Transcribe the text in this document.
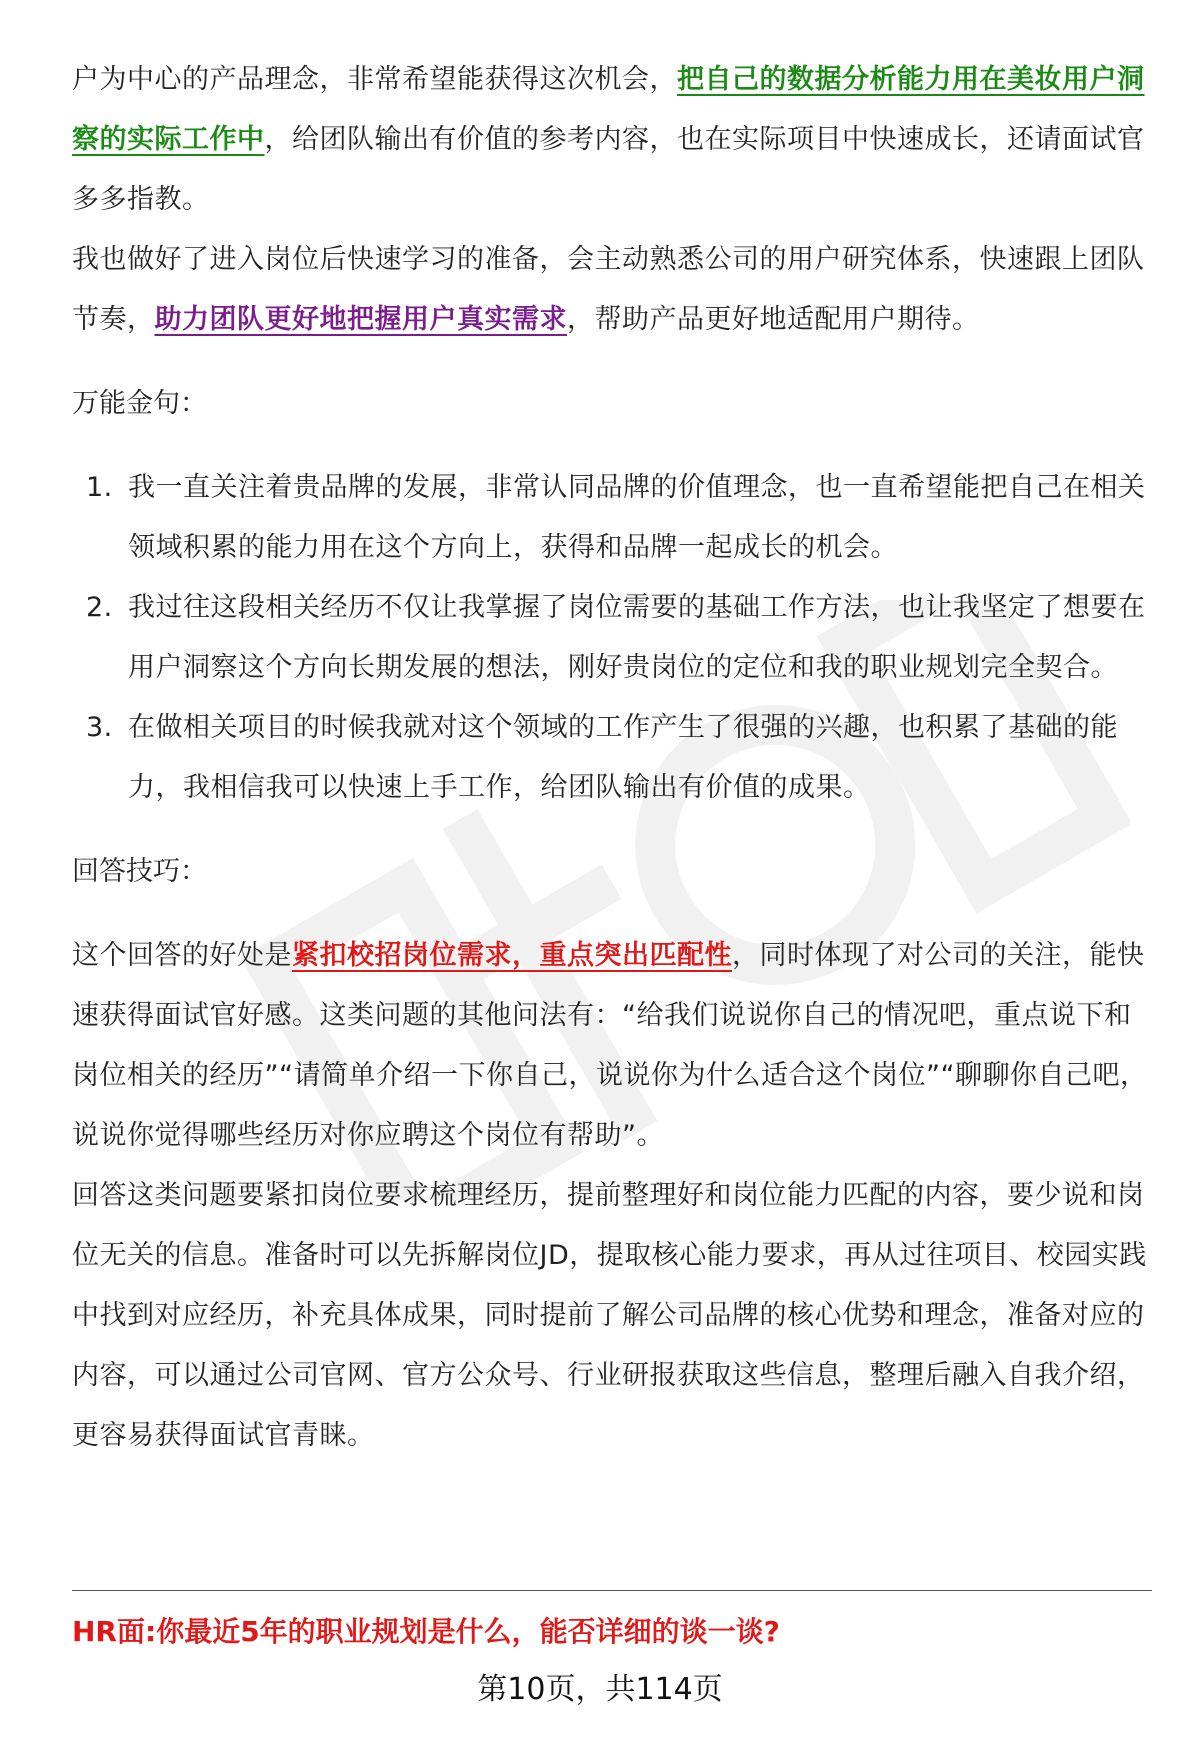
户为中心的产品理念，非常希望能获得这次机会，把自己的数据分析能力用在美妆用户洞察的实际工作中，给团队输出有价值的参考内容，也在实际项目中快速成长，还请面试官多多指教。

我也做好了进入岗位后快速学习的准备，会主动熟悉公司的用户研究体系，快速跟上团队节奏，助力团队更好地把握用户真实需求，帮助产品更好地适配用户期待。

万能金句：

1. 我一直关注着贵品牌的发展，非常认同品牌的价值理念，也一直希望能把自己在相关领域积累的能力用在这个方向上，获得和品牌一起成长的机会。
2. 我过往这段相关经历不仅让我掌握了岗位需要的基础工作方法，也让我坚定了想要在用户洞察这个方向长期发展的想法，刚好贵岗位的定位和我的职业规划完全契合。
3. 在做相关项目的时候我就对这个领域的工作产生了很强的兴趣，也积累了基础的能力，我相信我可以快速上手工作，给团队输出有价值的成果。

回答技巧：

这个回答的好处是紧扣校招岗位需求，重点突出匹配性，同时体现了对公司的关注，能快速获得面试官好感。这类问题的其他问法有：“给我们说说你自己的情况吧，重点说下和岗位相关的经历”“请简单介绍一下你自己，说说你为什么适合这个岗位”“聊聊你自己吧，说说你觉得哪些经历对你应聘这个岗位有帮助”。

回答这类问题要紧扣岗位要求梳理经历，提前整理好和岗位能力匹配的内容，要少说和岗位无关的信息。准备时可以先拆解岗位JD，提取核心能力要求，再从过往项目、校园实践中找到对应经历，补充具体成果，同时提前了解公司品牌的核心优势和理念，准备对应的内容，可以通过公司官网、官方公众号、行业研报获取这些信息，整理后融入自我介绍，更容易获得面试官青睐。

HR面:你最近5年的职业规划是什么，能否详细的谈一谈?
第10页，共114页
